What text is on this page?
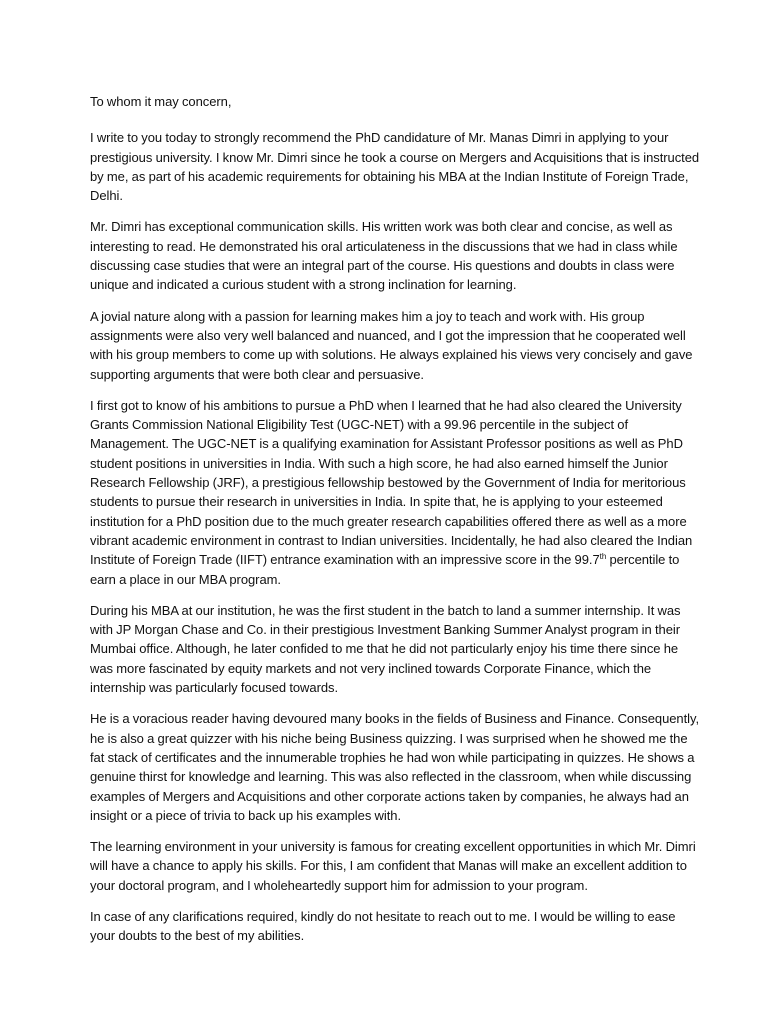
To whom it may concern,

I write to you today to strongly recommend the PhD candidature of Mr. Manas Dimri in applying to your prestigious university. I know Mr. Dimri since he took a course on Mergers and Acquisitions that is instructed by me, as part of his academic requirements for obtaining his MBA at the Indian Institute of Foreign Trade, Delhi.

Mr. Dimri has exceptional communication skills. His written work was both clear and concise, as well as interesting to read. He demonstrated his oral articulateness in the discussions that we had in class while discussing case studies that were an integral part of the course. His questions and doubts in class were unique and indicated a curious student with a strong inclination for learning.

A jovial nature along with a passion for learning makes him a joy to teach and work with. His group assignments were also very well balanced and nuanced, and I got the impression that he cooperated well with his group members to come up with solutions. He always explained his views very concisely and gave supporting arguments that were both clear and persuasive.

I first got to know of his ambitions to pursue a PhD when I learned that he had also cleared the University Grants Commission National Eligibility Test (UGC-NET) with a 99.96 percentile in the subject of Management. The UGC-NET is a qualifying examination for Assistant Professor positions as well as PhD student positions in universities in India. With such a high score, he had also earned himself the Junior Research Fellowship (JRF), a prestigious fellowship bestowed by the Government of India for meritorious students to pursue their research in universities in India. In spite that, he is applying to your esteemed institution for a PhD position due to the much greater research capabilities offered there as well as a more vibrant academic environment in contrast to Indian universities. Incidentally, he had also cleared the Indian Institute of Foreign Trade (IIFT) entrance examination with an impressive score in the 99.7th percentile to earn a place in our MBA program.

During his MBA at our institution, he was the first student in the batch to land a summer internship. It was with JP Morgan Chase and Co. in their prestigious Investment Banking Summer Analyst program in their Mumbai office. Although, he later confided to me that he did not particularly enjoy his time there since he was more fascinated by equity markets and not very inclined towards Corporate Finance, which the internship was particularly focused towards.

He is a voracious reader having devoured many books in the fields of Business and Finance. Consequently, he is also a great quizzer with his niche being Business quizzing. I was surprised when he showed me the fat stack of certificates and the innumerable trophies he had won while participating in quizzes. He shows a genuine thirst for knowledge and learning. This was also reflected in the classroom, when while discussing examples of Mergers and Acquisitions and other corporate actions taken by companies, he always had an insight or a piece of trivia to back up his examples with.

The learning environment in your university is famous for creating excellent opportunities in which Mr. Dimri will have a chance to apply his skills. For this, I am confident that Manas will make an excellent addition to your doctoral program, and I wholeheartedly support him for admission to your program.

In case of any clarifications required, kindly do not hesitate to reach out to me. I would be willing to ease your doubts to the best of my abilities.
